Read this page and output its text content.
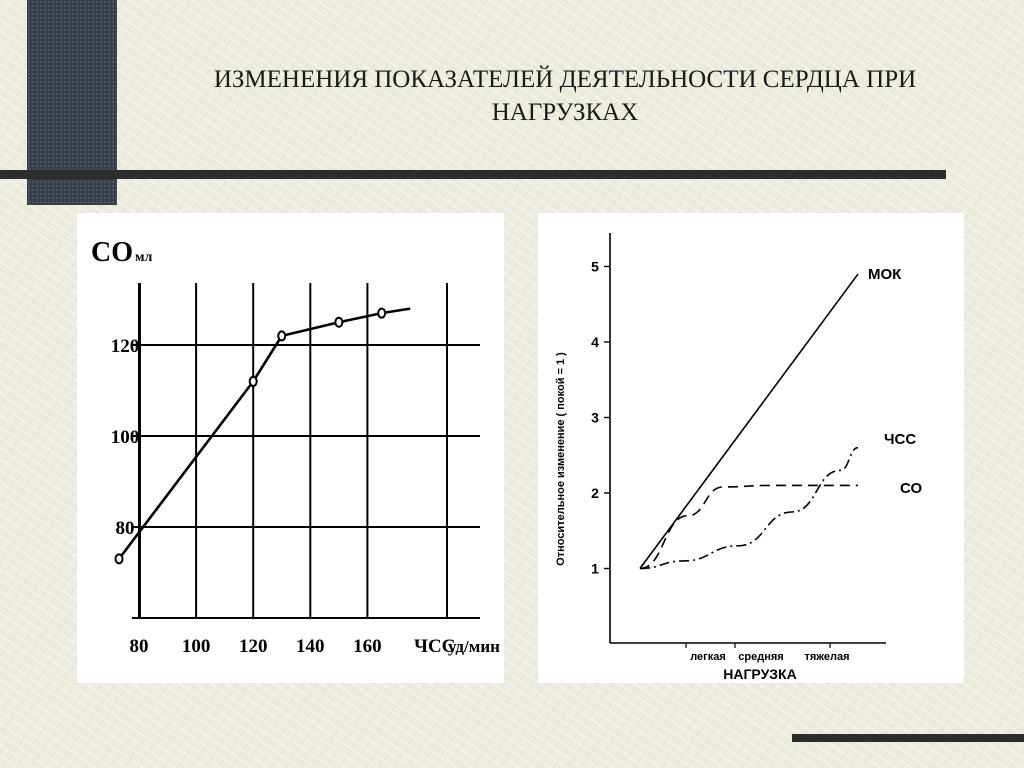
ИЗМЕНЕНИЯ ПОКАЗАТЕЛЕЙ ДЕЯТЕЛЬНОСТИ СЕРДЦА ПРИ
НАГРУЗКАХ
80 100 120 140 160
80
100
120
СО мл
ЧСС
уд/мин
1
2
3
4
5
легкая средняя тяжелая
НАГРУЗКА
Относительное изменение ( покой = 1 )
МОК
ЧСС
СО
